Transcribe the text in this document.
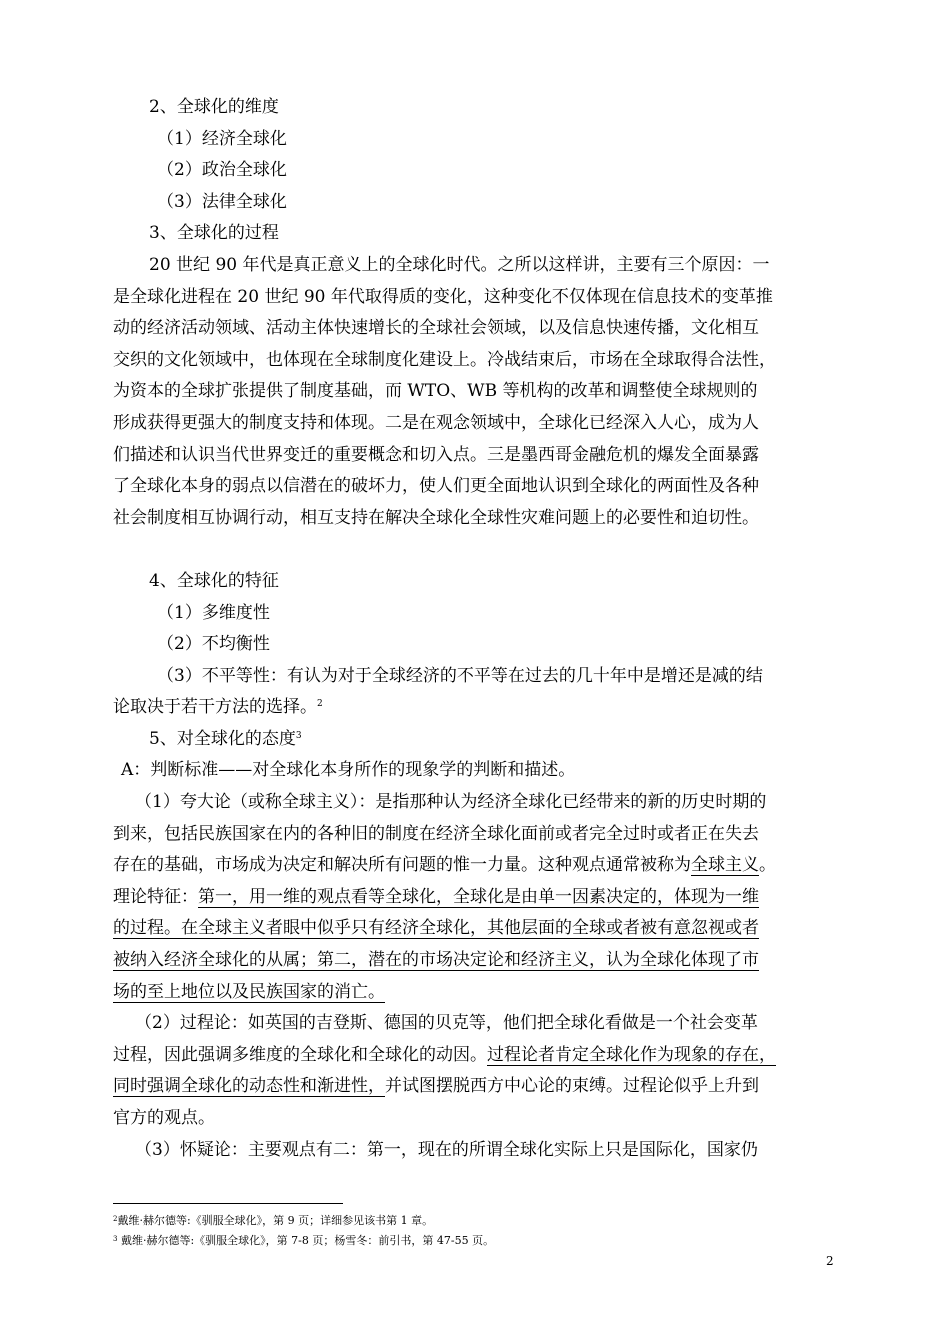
2、全球化的维度
（1）经济全球化
（2）政治全球化
（3）法律全球化
3、全球化的过程
20 世纪 90 年代是真正意义上的全球化时代。之所以这样讲，主要有三个原因：一
是全球化进程在 20 世纪 90 年代取得质的变化，这种变化不仅体现在信息技术的变革推
动的经济活动领域、活动主体快速增长的全球社会领域，以及信息快速传播，文化相互
交织的文化领域中，也体现在全球制度化建设上。冷战结束后，市场在全球取得合法性，
为资本的全球扩张提供了制度基础，而 WTO、WB 等机构的改革和调整使全球规则的
形成获得更强大的制度支持和体现。二是在观念领域中，全球化已经深入人心，成为人
们描述和认识当代世界变迁的重要概念和切入点。三是墨西哥金融危机的爆发全面暴露
了全球化本身的弱点以信潜在的破坏力，使人们更全面地认识到全球化的两面性及各种
社会制度相互协调行动，相互支持在解决全球化全球性灾难问题上的必要性和迫切性。
4、全球化的特征
（1）多维度性
（2）不均衡性
（3）不平等性：有认为对于全球经济的不平等在过去的几十年中是增还是减的结
论取决于若干方法的选择。$^2$
5、对全球化的态度$^3$
A：判断标准——对全球化本身所作的现象学的判断和描述。
（1）夸大论（或称全球主义）：是指那种认为经济全球化已经带来的新的历史时期的
到来，包括民族国家在内的各种旧的制度在经济全球化面前或者完全过时或者正在失去
存在的基础，市场成为决定和解决所有问题的惟一力量。这种观点通常被称为全球主义。
理论特征：第一，用一维的观点看等全球化，全球化是由单一因素决定的，体现为一维
的过程。在全球主义者眼中似乎只有经济全球化，其他层面的全球或者被有意忽视或者
被纳入经济全球化的从属；第二，潜在的市场决定论和经济主义，认为全球化体现了市
场的至上地位以及民族国家的消亡。
（2）过程论：如英国的吉登斯、德国的贝克等，他们把全球化看做是一个社会变革
过程，因此强调多维度的全球化和全球化的动因。过程论者肯定全球化作为现象的存在，
同时强调全球化的动态性和渐进性，并试图摆脱西方中心论的束缚。过程论似乎上升到
官方的观点。
（3）怀疑论：主要观点有二：第一，现在的所谓全球化实际上只是国际化，国家仍
$^2$戴维·赫尔德等:《驯服全球化》，第 9 页；详细参见该书第 1 章。
$^3$ 戴维·赫尔德等:《驯服全球化》，第 7-8 页；杨雪冬：前引书，第 47-55 页。
2
